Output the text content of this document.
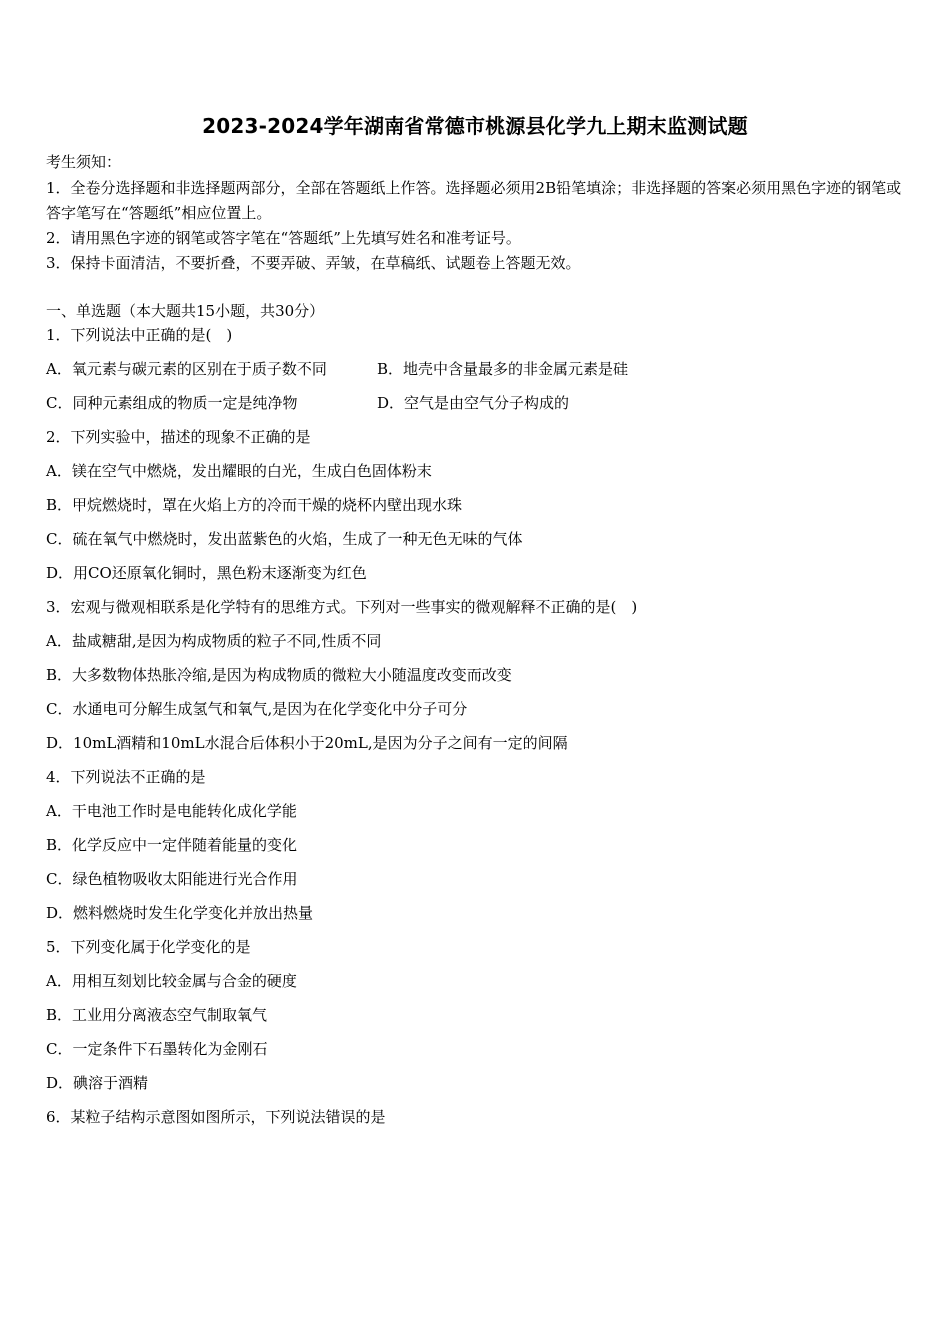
2023-2024学年湖南省常德市桃源县化学九上期末监测试题
考生须知：

1．全卷分选择题和非选择题两部分，全部在答题纸上作答。选择题必须用2B铅笔填涂；非选择题的答案必须用黑色字迹的钢笔或答字笔写在“答题纸”相应位置上。

2．请用黑色字迹的钢笔或答字笔在“答题纸”上先填写姓名和准考证号。

3．保持卡面清洁，不要折叠，不要弄破、弄皱，在草稿纸、试题卷上答题无效。

一、单选题（本大题共15小题，共30分）

1．下列说法中正确的是(　)

A．氧元素与碳元素的区别在于质子数不同	B．地壳中含量最多的非金属元素是硅

C．同种元素组成的物质一定是纯净物	D．空气是由空气分子构成的

2．下列实验中，描述的现象不正确的是

A．镁在空气中燃烧，发出耀眼的白光，生成白色固体粉末

B．甲烷燃烧时，罩在火焰上方的冷而干燥的烧杯内壁出现水珠

C．硫在氧气中燃烧时，发出蓝紫色的火焰，生成了一种无色无味的气体

D．用CO还原氧化铜时，黑色粉末逐渐变为红色

3．宏观与微观相联系是化学特有的思维方式。下列对一些事实的微观解释不正确的是(　)

A．盐咸糖甜,是因为构成物质的粒子不同,性质不同

B．大多数物体热胀冷缩,是因为构成物质的微粒大小随温度改变而改变

C．水通电可分解生成氢气和氧气,是因为在化学变化中分子可分

D．10mL酒精和10mL水混合后体积小于20mL,是因为分子之间有一定的间隔

4．下列说法不正确的是

A．干电池工作时是电能转化成化学能

B．化学反应中一定伴随着能量的变化

C．绿色植物吸收太阳能进行光合作用

D．燃料燃烧时发生化学变化并放出热量

5．下列变化属于化学变化的是

A．用相互刻划比较金属与合金的硬度

B．工业用分离液态空气制取氧气

C．一定条件下石墨转化为金刚石

D．碘溶于酒精

6．某粒子结构示意图如图所示，下列说法错误的是
